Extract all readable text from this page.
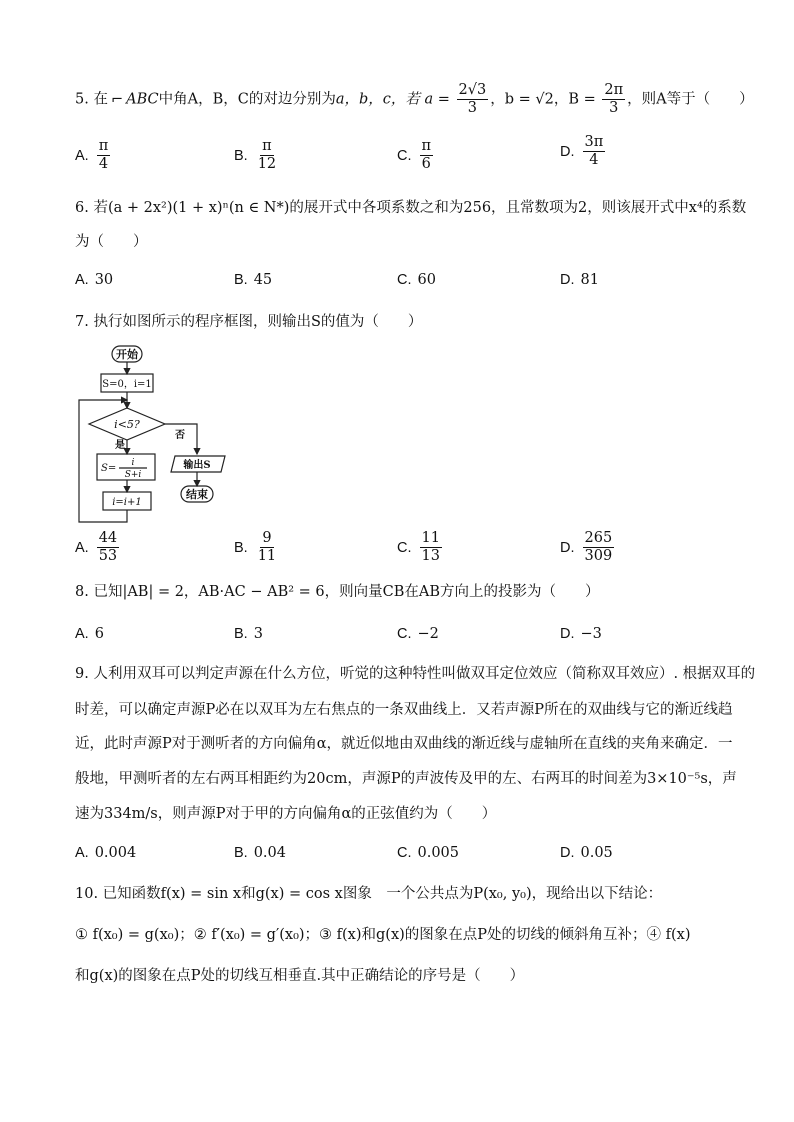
5. 在 ⌐ ABC中角A，B，C的对边分别为a，b，c，若 $a = \frac{2√3}{3}$ ，b = √2，$B = \frac{2\pi}{3}$ ，则A等于（　　）
A. $\frac{\pi}{4}$	B. $\frac{\pi}{12}$	C. $\frac{\pi}{6}$	D. $\frac{3\pi}{4}$
6. 若(a + 2x²)(1 + x)ⁿ(n ∈ N*)的展开式中各项系数之和为256，且常数项为2，则该展开式中x⁴的系数
为（　　）
A. 30	B. 45	C. 60	D. 81
7. 执行如图所示的程序框图，则输出S的值为（　　）
开始
S=0，i=1
i<5?
是
S= i
S+i
i=i+1
否
输出S
结束
A. $\frac{44}{53}$	B. $\frac{9}{11}$	C. $\frac{11}{13}$	D. $\frac{265}{309}$
8. 已知|AB| = 2，AB·AC − AB² = 6，则向量CB在AB方向上的投影为（　　）
A. 6	B. 3	C. −2	D. −3
9. 人利用双耳可以判定声源在什么方位，听觉的这种特性叫做双耳定位效应（简称双耳效应）. 根据双耳的
时差，可以确定声源P必在以双耳为左右焦点的一条双曲线上．又若声源P所在的双曲线与它的渐近线趋
近，此时声源P对于测听者的方向偏角α，就近似地由双曲线的渐近线与虚轴所在直线的夹角来确定．一
般地，甲测听者的左右两耳相距约为20cm，声源P的声波传及甲的左、右两耳的时间差为3×10⁻⁵s，声
速为334m/s，则声源P对于甲的方向偏角α的正弦值约为（　　）
A. 0.004	B. 0.04	C. 0.005	D. 0.05
10. 已知函数f(x) = sin x和g(x) = cos x图象　一个公共点为P(x₀, y₀)，现给出以下结论：
① f(x₀) = g(x₀)；② f′(x₀) = g′(x₀)；③ f(x)和g(x)的图象在点P处的切线的倾斜角互补；④ f(x)
和g(x)的图象在点P处的切线互相垂直.其中正确结论的序号是（　　）
